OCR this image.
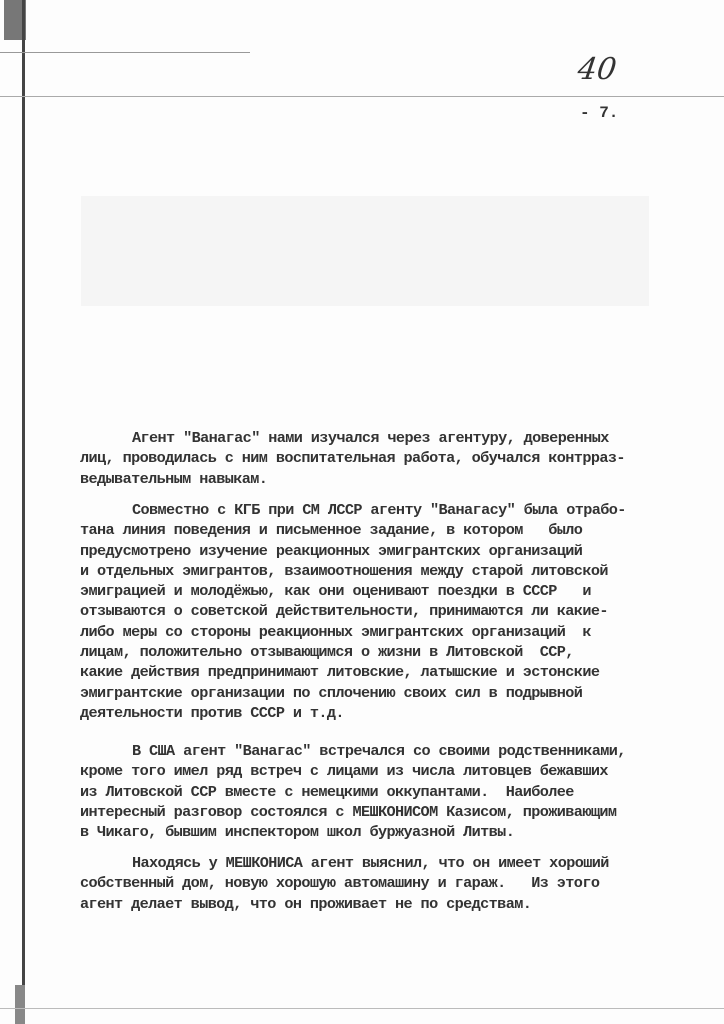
40
- 7.
Агент "Ванагас" нами изучался через агентуру, доверенных
лиц, проводилась с ним воспитательная работа, обучался контрраз-
ведывательным навыкам.
Совместно с КГБ при СМ ЛССР агенту "Ванагасу" была отрабо-
тана линия поведения и письменное задание, в котором   было
предусмотрено изучение реакционных эмигрантских организаций
и отдельных эмигрантов, взаимоотношения между старой литовской
эмиграцией и молодёжью, как они оценивают поездки в СССР   и
отзываются о советской действительности, принимаются ли какие-
либо меры со стороны реакционных эмигрантских организаций  к
лицам, положительно отзывающимся о жизни в Литовской  ССР,
какие действия предпринимают литовские, латышские и эстонские
эмигрантские организации по сплочению своих сил в подрывной
деятельности против СССР и т.д.
В США агент "Ванагас" встречался со своими родственниками,
кроме того имел ряд встреч с лицами из числа литовцев бежавших
из Литовской ССР вместе с немецкими оккупантами.  Наиболее
интересный разговор состоялся с МЕШКОНИСОМ Казисом, проживающим
в Чикаго, бывшим инспектором школ буржуазной Литвы.
Находясь у МЕШКОНИСА агент выяснил, что он имеет хороший
собственный дом, новую хорошую автомашину и гараж.   Из этого
агент делает вывод, что он проживает не по средствам.
